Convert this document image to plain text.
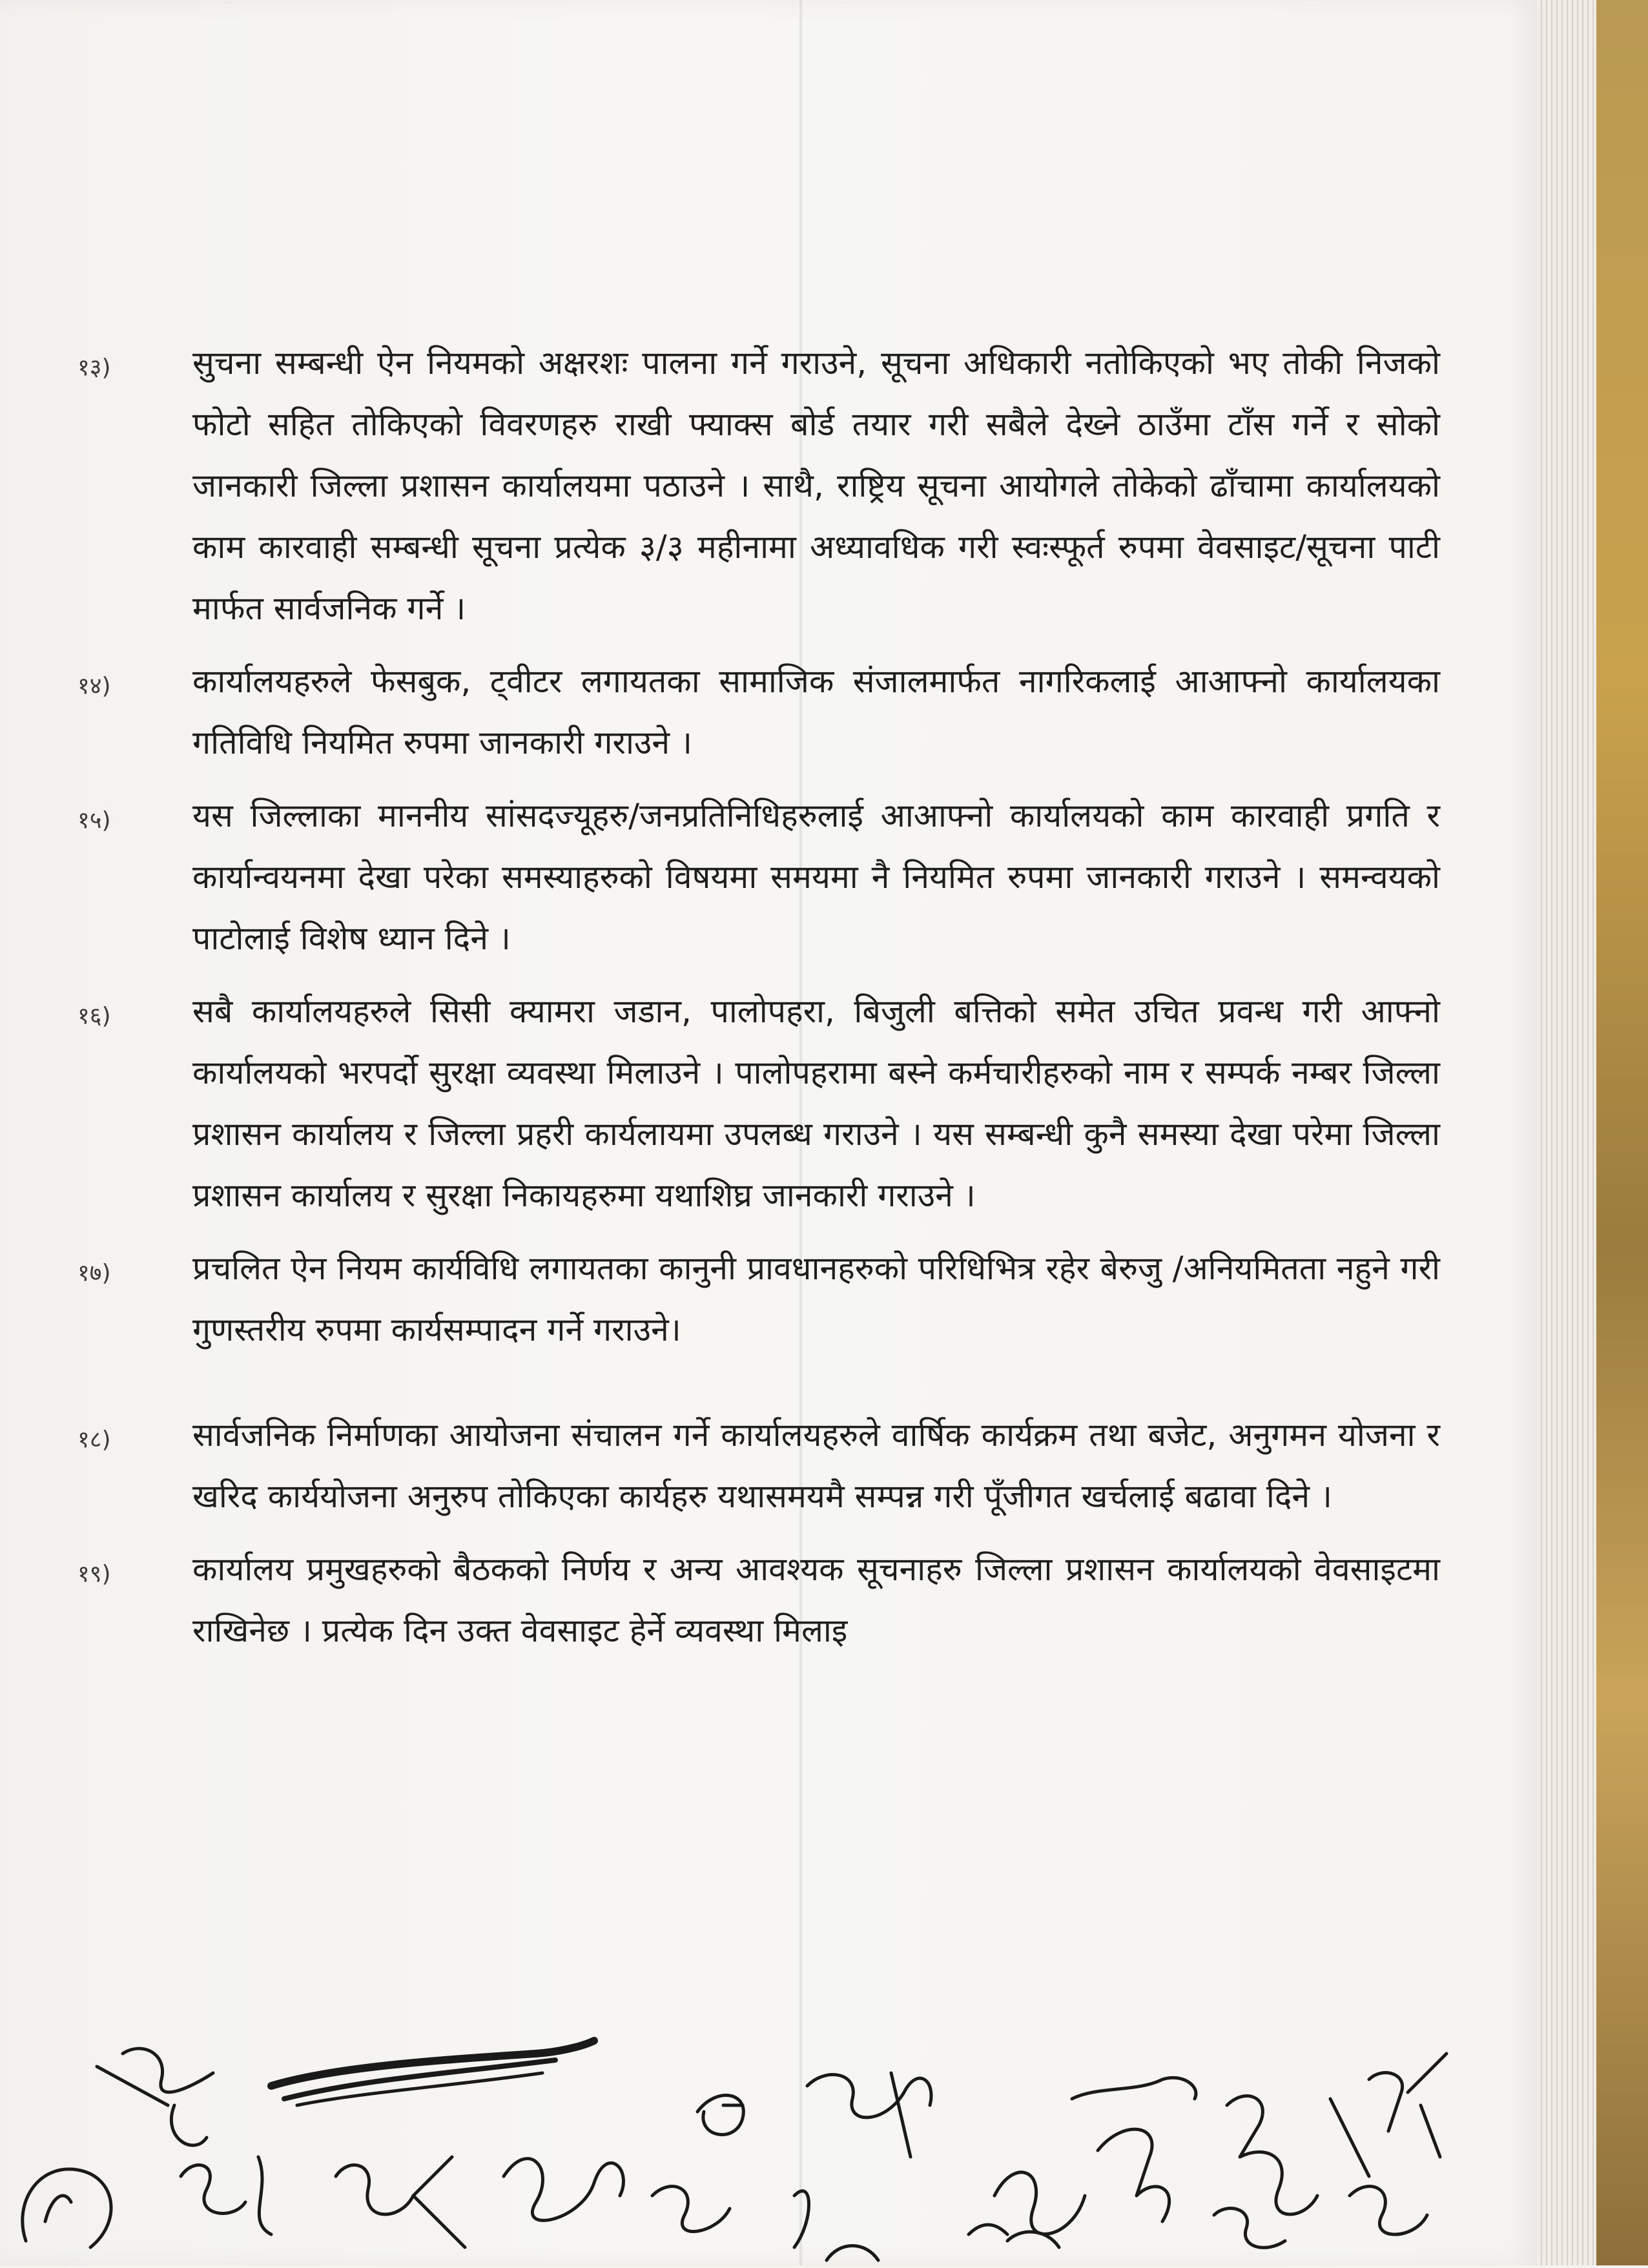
१३)	सुचना सम्बन्धी ऐन नियमको अक्षरशः पालना गर्ने गराउने, सूचना अधिकारी नतोकिएको भए तोकी निजको फोटो सहित तोकिएको विवरणहरु राखी फ्याक्स बोर्ड तयार गरी सबैले देख्ने ठाउँमा टाँस गर्ने र सोको जानकारी जिल्ला प्रशासन कार्यालयमा पठाउने । साथै, राष्ट्रिय सूचना आयोगले तोकेको ढाँचामा कार्यालयको काम कारवाही सम्बन्धी सूचना प्रत्येक ३/३ महीनामा अध्यावधिक गरी स्वःस्फूर्त रुपमा वेवसाइट/सूचना पाटी मार्फत सार्वजनिक गर्ने ।
१४)	कार्यालयहरुले फेसबुक, ट्वीटर लगायतका सामाजिक संजालमार्फत नागरिकलाई आआफ्नो कार्यालयका गतिविधि नियमित रुपमा जानकारी गराउने ।
१५)	यस जिल्लाका माननीय सांसदज्यूहरु/जनप्रतिनिधिहरुलाई आआफ्नो कार्यालयको काम कारवाही प्रगति र कार्यान्वयनमा देखा परेका समस्याहरुको विषयमा समयमा नै नियमित रुपमा जानकारी गराउने । समन्वयको पाटोलाई विशेष ध्यान दिने ।
१६)	सबै कार्यालयहरुले सिसी क्यामरा जडान, पालोपहरा, बिजुली बत्तिको समेत उचित प्रवन्ध गरी आफ्नो कार्यालयको भरपर्दो सुरक्षा व्यवस्था मिलाउने । पालोपहरामा बस्ने कर्मचारीहरुको नाम र सम्पर्क नम्बर जिल्ला प्रशासन कार्यालय र जिल्ला प्रहरी कार्यलायमा उपलब्ध गराउने । यस सम्बन्धी कुनै समस्या देखा परेमा जिल्ला प्रशासन कार्यालय र सुरक्षा निकायहरुमा यथाशिघ्र जानकारी गराउने ।
१७)	प्रचलित ऐन नियम कार्यविधि लगायतका कानुनी प्रावधानहरुको परिधिभित्र रहेर बेरुजु /अनियमितता नहुने गरी गुणस्तरीय रुपमा कार्यसम्पादन गर्ने गराउने।
१८)	सार्वजनिक निर्माणका आयोजना संचालन गर्ने कार्यालयहरुले वार्षिक कार्यक्रम तथा बजेट, अनुगमन योजना र खरिद कार्ययोजना अनुरुप तोकिएका कार्यहरु यथासमयमै सम्पन्न गरी पूँजीगत खर्चलाई बढावा दिने ।
१९)	कार्यालय प्रमुखहरुको बैठकको निर्णय र अन्य आवश्यक सूचनाहरु जिल्ला प्रशासन कार्यालयको वेवसाइटमा राखिनेछ । प्रत्येक दिन उक्त वेवसाइट हेर्ने व्यवस्था मिलाइ
